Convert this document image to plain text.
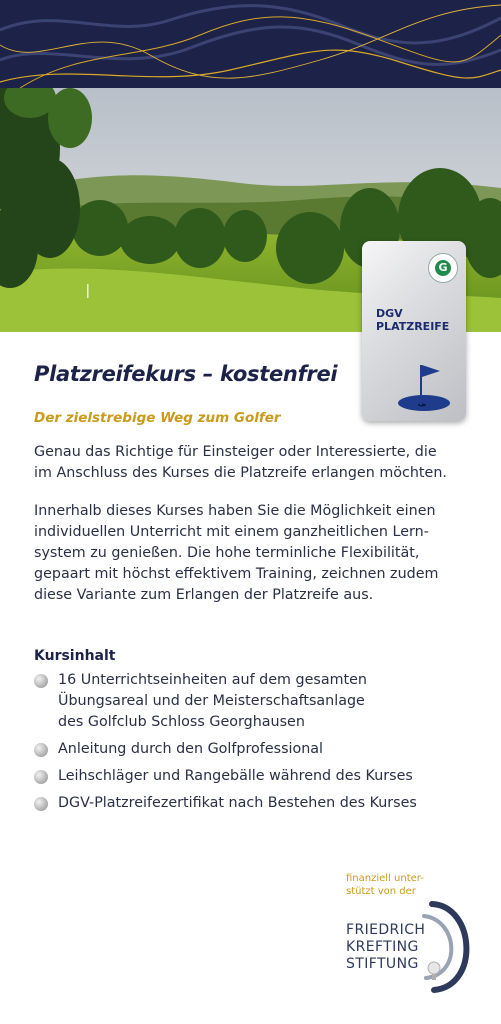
G
DGV
PLATZREIFE
Platzreifekurs – kostenfrei
Der zielstrebige Weg zum Golfer

Genau das Richtige für Einsteiger oder Interessierte, die
im Anschluss des Kurses die Platzreife erlangen möchten.

Innerhalb dieses Kurses haben Sie die Möglichkeit einen
individuellen Unterricht mit einem ganzheitlichen Lern-
system zu genießen. Die hohe terminliche Flexibilität,
gepaart mit höchst effektivem Training, zeichnen zudem
diese Variante zum Erlangen der Platzreife aus.

Kursinhalt
16 Unterrichtseinheiten auf dem gesamten
Übungsareal und der Meisterschaftsanlage
des Golfclub Schloss Georghausen
Anleitung durch den Golfprofessional
Leihschläger und Rangebälle während des Kurses
DGV-Platzreifezertifikat nach Bestehen des Kurses
finanziell unter-
stützt von der
FRIEDRICH
KREFTING
STIFTUNG
